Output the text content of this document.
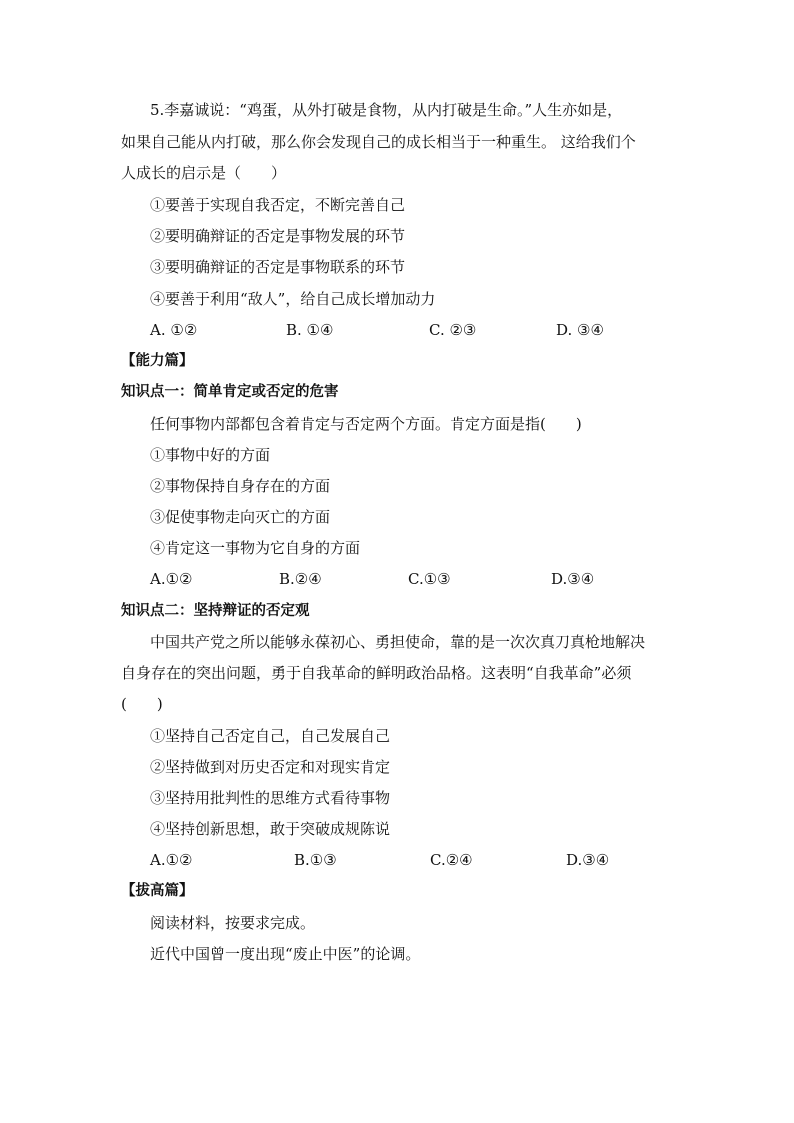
5.李嘉诚说：“鸡蛋，从外打破是食物，从内打破是生命。”人生亦如是，
如果自己能从内打破，那么你会发现自己的成长相当于一种重生。 这给我们个
人成长的启示是（　　）
①要善于实现自我否定，不断完善自己
②要明确辩证的否定是事物发展的环节
③要明确辩证的否定是事物联系的环节
④要善于利用“敌人”，给自己成长增加动力
A. ①②	B. ①④	C. ②③	D. ③④
【能力篇】
知识点一：简单肯定或否定的危害
任何事物内部都包含着肯定与否定两个方面。肯定方面是指(　　)
①事物中好的方面
②事物保持自身存在的方面
③促使事物走向灭亡的方面
④肯定这一事物为它自身的方面
A.①②	B.②④	C.①③	D.③④
知识点二：坚持辩证的否定观
中国共产党之所以能够永葆初心、勇担使命，靠的是一次次真刀真枪地解决
自身存在的突出问题，勇于自我革命的鲜明政治品格。这表明“自我革命”必须
(　　)
①坚持自己否定自己，自己发展自己
②坚持做到对历史否定和对现实肯定
③坚持用批判性的思维方式看待事物
④坚持创新思想，敢于突破成规陈说
A.①②	B.①③	C.②④	D.③④
【拔高篇】
阅读材料，按要求完成。
近代中国曾一度出现“废止中医”的论调。
